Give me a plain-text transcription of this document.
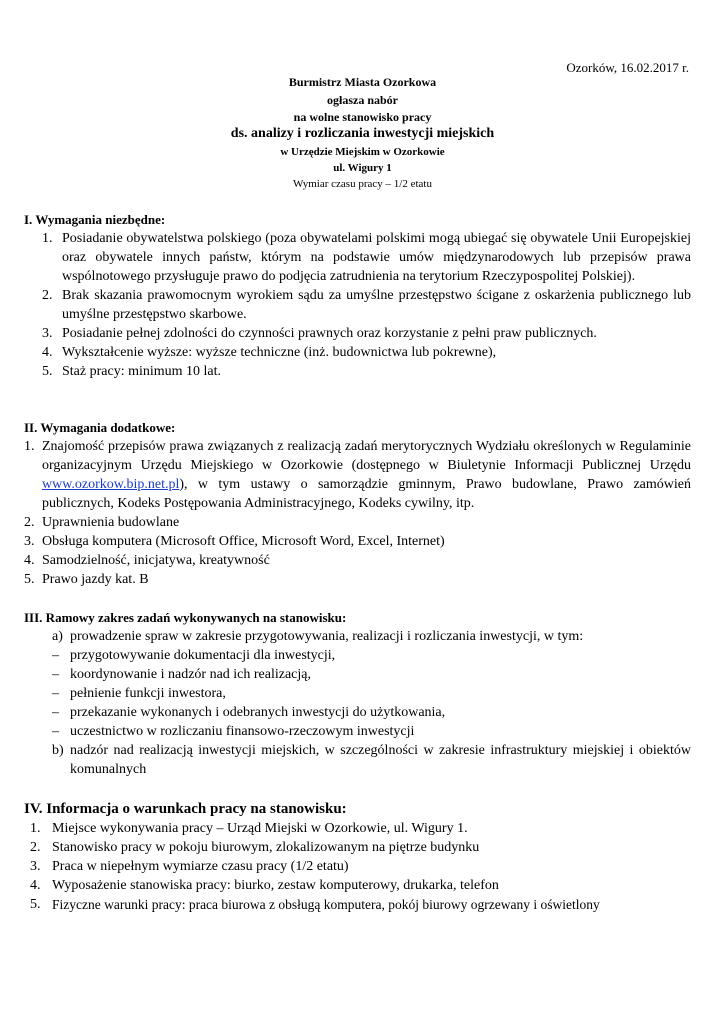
Ozorków, 16.02.2017 r.
Burmistrz Miasta Ozorkowa
ogłasza nabór
na wolne stanowisko pracy
ds. analizy i rozliczania inwestycji miejskich
w Urzędzie Miejskim w Ozorkowie
ul. Wigury 1
Wymiar czasu pracy – 1/2 etatu
I. Wymagania niezbędne:
1. Posiadanie obywatelstwa polskiego (poza obywatelami polskimi mogą ubiegać się obywatele Unii Europejskiej oraz obywatele innych państw, którym na podstawie umów międzynarodowych lub przepisów prawa wspólnotowego przysługuje prawo do podjęcia zatrudnienia na terytorium Rzeczypospolitej Polskiej).
2. Brak skazania prawomocnym wyrokiem sądu za umyślne przestępstwo ścigane z oskarżenia publicznego lub umyślne przestępstwo skarbowe.
3. Posiadanie pełnej zdolności do czynności prawnych oraz korzystanie z pełni praw publicznych.
4. Wykształcenie wyższe: wyższe techniczne (inż. budownictwa lub pokrewne),
5. Staż pracy: minimum 10 lat.
II. Wymagania dodatkowe:
1. Znajomość przepisów prawa związanych z realizacją zadań merytorycznych Wydziału określonych w Regulaminie organizacyjnym Urzędu Miejskiego w Ozorkowie (dostępnego w Biuletynie Informacji Publicznej Urzędu www.ozorkow.bip.net.pl), w tym ustawy o samorządzie gminnym, Prawo budowlane, Prawo zamówień publicznych, Kodeks Postępowania Administracyjnego, Kodeks cywilny, itp.
2. Uprawnienia budowlane
3. Obsługa komputera (Microsoft Office, Microsoft Word, Excel, Internet)
4. Samodzielność, inicjatywa, kreatywność
5. Prawo jazdy kat. B
III. Ramowy zakres zadań wykonywanych na stanowisku:
a) prowadzenie spraw w zakresie przygotowywania, realizacji i rozliczania inwestycji, w tym:
– przygotowywanie dokumentacji dla inwestycji,
– koordynowanie i nadzór nad ich realizacją,
– pełnienie funkcji inwestora,
– przekazanie wykonanych i odebranych inwestycji do użytkowania,
– uczestnictwo w rozliczaniu finansowo-rzeczowym inwestycji
b) nadzór nad realizacją inwestycji miejskich, w szczególności w zakresie infrastruktury miejskiej i obiektów komunalnych
IV. Informacja o warunkach pracy na stanowisku:
1. Miejsce wykonywania pracy – Urząd Miejski w Ozorkowie, ul. Wigury 1.
2. Stanowisko pracy w pokoju biurowym, zlokalizowanym na piętrze budynku
3. Praca w niepełnym wymiarze czasu pracy (1/2 etatu)
4. Wyposażenie stanowiska pracy: biurko, zestaw komputerowy, drukarka, telefon
5. Fizyczne warunki pracy: praca biurowa z obsługą komputera, pokój biurowy ogrzewany i oświetlony
